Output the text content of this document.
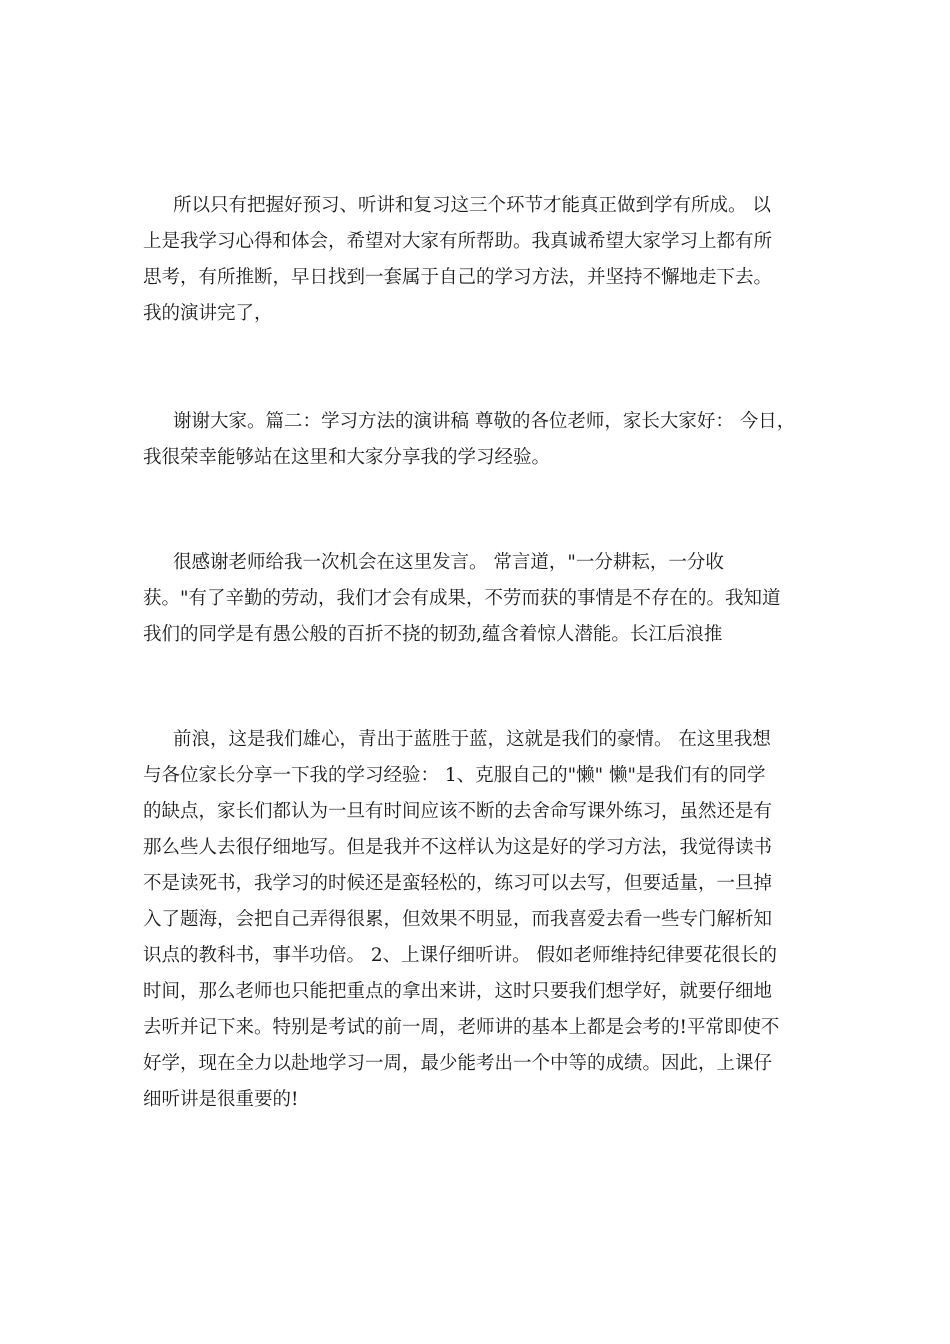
所以只有把握好预习、听讲和复习这三个环节才能真正做到学有所成。 以
上是我学习心得和体会，希望对大家有所帮助。我真诚希望大家学习上都有所
思考，有所推断，早日找到一套属于自己的学习方法，并坚持不懈地走下去。
我的演讲完了，
谢谢大家。篇二：学习方法的演讲稿 尊敬的各位老师，家长大家好： 今日，
我很荣幸能够站在这里和大家分享我的学习经验。
很感谢老师给我一次机会在这里发言。 常言道，"一分耕耘，一分收
获。"有了辛勤的劳动，我们才会有成果，不劳而获的事情是不存在的。我知道
我们的同学是有愚公般的百折不挠的韧劲,蕴含着惊人潜能。长江后浪推
前浪，这是我们雄心，青出于蓝胜于蓝，这就是我们的豪情。 在这里我想
与各位家长分享一下我的学习经验： 1、克服自己的"懒" 懒"是我们有的同学
的缺点，家长们都认为一旦有时间应该不断的去舍命写课外练习，虽然还是有
那么些人去很仔细地写。但是我并不这样认为这是好的学习方法，我觉得读书
不是读死书，我学习的时候还是蛮轻松的，练习可以去写，但要适量，一旦掉
入了题海，会把自己弄得很累，但效果不明显，而我喜爱去看一些专门解析知
识点的教科书，事半功倍。 2、上课仔细听讲。 假如老师维持纪律要花很长的
时间，那么老师也只能把重点的拿出来讲，这时只要我们想学好，就要仔细地
去听并记下来。特别是考试的前一周，老师讲的基本上都是会考的!平常即使不
好学，现在全力以赴地学习一周，最少能考出一个中等的成绩。因此，上课仔
细听讲是很重要的!
